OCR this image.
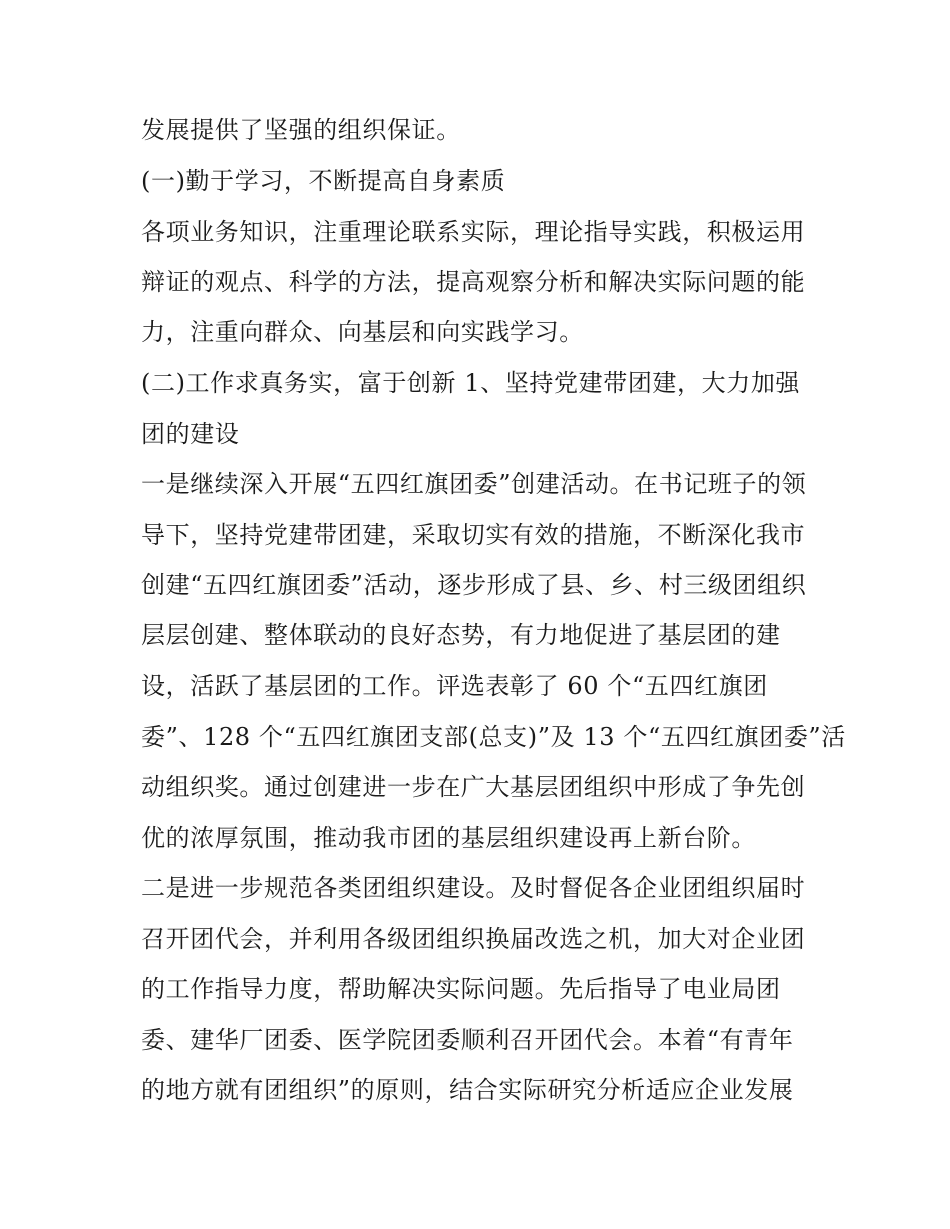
发展提供了坚强的组织保证。
(一)勤于学习，不断提高自身素质
各项业务知识，注重理论联系实际，理论指导实践，积极运用
辩证的观点、科学的方法，提高观察分析和解决实际问题的能
力，注重向群众、向基层和向实践学习。
(二)工作求真务实，富于创新 1、坚持党建带团建，大力加强
团的建设
一是继续深入开展“五四红旗团委”创建活动。在书记班子的领
导下，坚持党建带团建，采取切实有效的措施，不断深化我市
创建“五四红旗团委”活动，逐步形成了县、乡、村三级团组织
层层创建、整体联动的良好态势，有力地促进了基层团的建
设，活跃了基层团的工作。评选表彰了 60 个“五四红旗团
委”、128 个“五四红旗团支部(总支)”及 13 个“五四红旗团委”活
动组织奖。通过创建进一步在广大基层团组织中形成了争先创
优的浓厚氛围，推动我市团的基层组织建设再上新台阶。
二是进一步规范各类团组织建设。及时督促各企业团组织届时
召开团代会，并利用各级团组织换届改选之机，加大对企业团
的工作指导力度，帮助解决实际问题。先后指导了电业局团
委、建华厂团委、医学院团委顺利召开团代会。本着“有青年
的地方就有团组织”的原则，结合实际研究分析适应企业发展
